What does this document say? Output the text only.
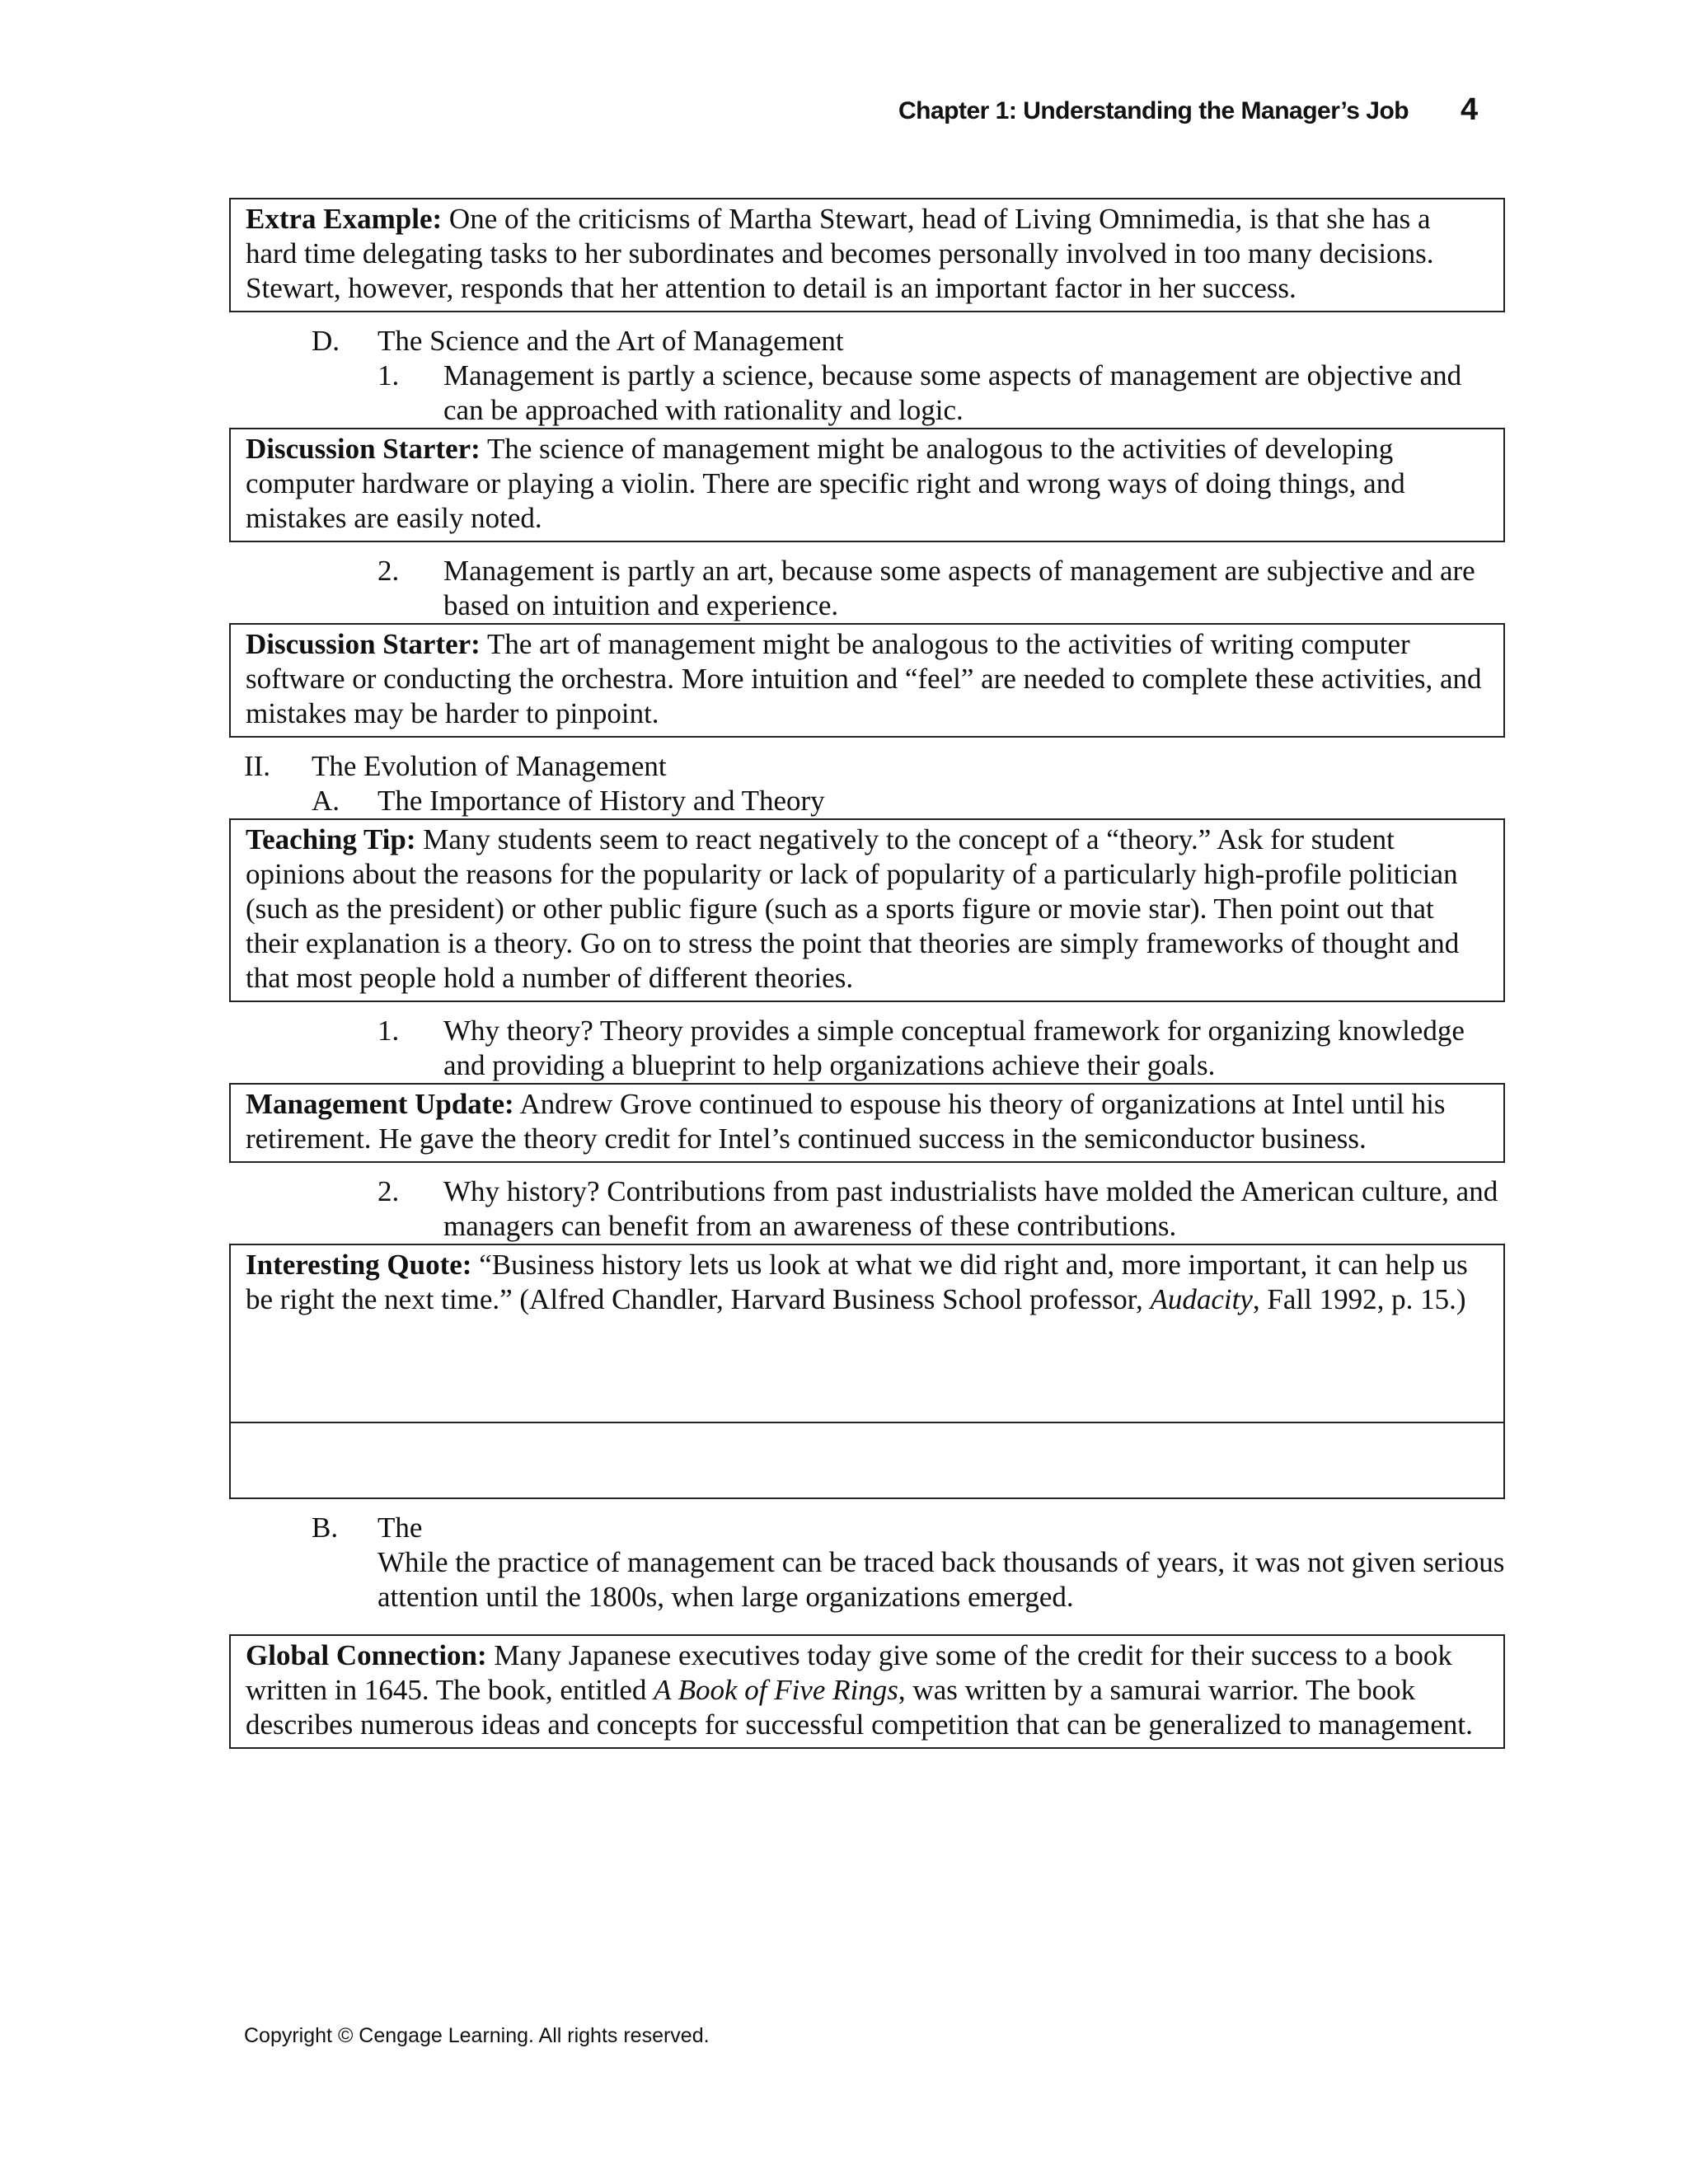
Chapter 1: Understanding the Manager’s Job 4
Extra Example: One of the criticisms of Martha Stewart, head of Living Omnimedia, is that she has a hard time delegating tasks to her subordinates and becomes personally involved in too many decisions. Stewart, however, responds that her attention to detail is an important factor in her success.
D. The Science and the Art of Management
1. Management is partly a science, because some aspects of management are objective and can be approached with rationality and logic.
Discussion Starter: The science of management might be analogous to the activities of developing computer hardware or playing a violin. There are specific right and wrong ways of doing things, and mistakes are easily noted.
2. Management is partly an art, because some aspects of management are subjective and are based on intuition and experience.
Discussion Starter: The art of management might be analogous to the activities of writing computer software or conducting the orchestra. More intuition and “feel” are needed to complete these activities, and mistakes may be harder to pinpoint.
II. The Evolution of Management
A. The Importance of History and Theory
Teaching Tip: Many students seem to react negatively to the concept of a “theory.” Ask for student opinions about the reasons for the popularity or lack of popularity of a particularly high-profile politician (such as the president) or other public figure (such as a sports figure or movie star). Then point out that their explanation is a theory. Go on to stress the point that theories are simply frameworks of thought and that most people hold a number of different theories.
1. Why theory? Theory provides a simple conceptual framework for organizing knowledge and providing a blueprint to help organizations achieve their goals.
Management Update: Andrew Grove continued to espouse his theory of organizations at Intel until his retirement. He gave the theory credit for Intel’s continued success in the semiconductor business.
2. Why history? Contributions from past industrialists have molded the American culture, and managers can benefit from an awareness of these contributions.
Interesting Quote: “Business history lets us look at what we did right and, more important, it can help us be right the next time.” (Alfred Chandler, Harvard Business School professor, Audacity, Fall 1992, p. 15.)
B. The
While the practice of management can be traced back thousands of years, it was not given serious attention until the 1800s, when large organizations emerged.
Global Connection: Many Japanese executives today give some of the credit for their success to a book written in 1645. The book, entitled A Book of Five Rings, was written by a samurai warrior. The book describes numerous ideas and concepts for successful competition that can be generalized to management.
Copyright © Cengage Learning. All rights reserved.
